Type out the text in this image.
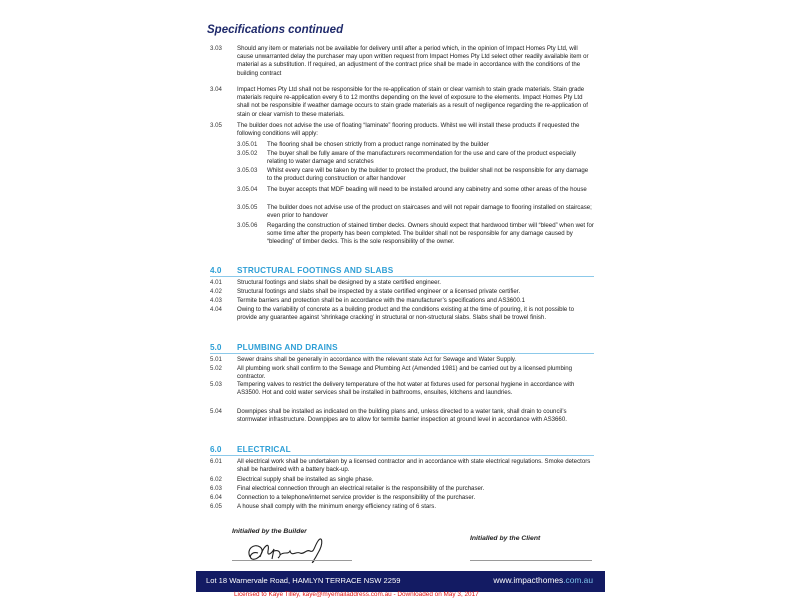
Specifications continued
3.03	Should any item or materials not be available for delivery until after a period which, in the opinion of Impact Homes Pty Ltd, will cause unwarranted delay the purchaser may upon written request from Impact Homes Pty Ltd select other readily available item or material as a substitution. If required, an adjustment of the contract price shall be made in accordance with the conditions of the building contract
3.04	Impact Homes Pty Ltd shall not be responsible for the re-application of stain or clear varnish to stain grade materials. Stain grade materials require re-application every 6 to 12 months depending on the level of exposure to the elements. Impact Homes Pty Ltd shall not be responsible if weather damage occurs to stain grade materials as a result of negligence regarding the re-application of stain or clear varnish to these materials.
3.05	The builder does not advise the use of floating “laminate” flooring products. Whilst we will install these products if requested the following conditions will apply:
3.05.01	The flooring shall be chosen strictly from a product range nominated by the builder
3.05.02	The buyer shall be fully aware of the manufacturers recommendation for the use and care of the product especially relating to water damage and scratches
3.05.03	Whilst every care will be taken by the builder to protect the product, the builder shall not be responsible for any damage to the product during construction or after handover
3.05.04	The buyer accepts that MDF beading will need to be installed around any cabinetry and some other areas of the house
3.05.05	The builder does not advise use of the product on staircases and will not repair damage to flooring installed on staircase; even prior to handover
3.05.06	Regarding the construction of stained timber decks. Owners should expect that hardwood timber will “bleed” when wet for some time after the property has been completed. The builder shall not be responsible for any damage caused by “bleeding” of timber decks. This is the sole responsibility of the owner.
4.0 STRUCTURAL FOOTINGS AND SLABS
4.01	Structural footings and slabs shall be designed by a state certified engineer.
4.02	Structural footings and slabs shall be inspected by a state certified engineer or a licensed private certifier.
4.03	Termite barriers and protection shall be in accordance with the manufacturer’s specifications and AS3600.1
4.04	Owing to the variability of concrete as a building product and the conditions existing at the time of pouring, it is not possible to provide any guarantee against ‘shrinkage cracking’ in structural or non-structural slabs. Slabs shall be trowel finish.
5.0 PLUMBING AND DRAINS
5.01	Sewer drains shall be generally in accordance with the relevant state Act for Sewage and Water Supply.
5.02	All plumbing work shall confirm to the Sewage and Plumbing Act (Amended 1981) and be carried out by a licensed plumbing contractor.
5.03	Tempering valves to restrict the delivery temperature of the hot water at fixtures used for personal hygiene in accordance with AS3500. Hot and cold water services shall be installed in bathrooms, ensuites, kitchens and laundries.
5.04	Downpipes shall be installed as indicated on the building plans and, unless directed to a water tank, shall drain to council’s stormwater infrastructure. Downpipes are to allow for termite barrier inspection at ground level in accordance with AS3660.
6.0 ELECTRICAL
6.01	All electrical work shall be undertaken by a licensed contractor and in accordance with state electrical regulations. Smoke detectors shall be hardwired with a battery back-up.
6.02	Electrical supply shall be installed as single phase.
6.03	Final electrical connection through an electrical retailer is the responsibility of the purchaser.
6.04	Connection to a telephone/internet service provider is the responsibility of the purchaser.
6.05	A house shall comply with the minimum energy efficiency rating of 6 stars.
Initialled by the Builder
Initialled by the Client
Lot 18 Warnervale Road, HAMLYN TERRACE NSW 2259	www.impacthomes.com.au
Licensed to Kaye Tilley, kaye@myemailaddress.com.au - Downloaded on May 3, 2017
